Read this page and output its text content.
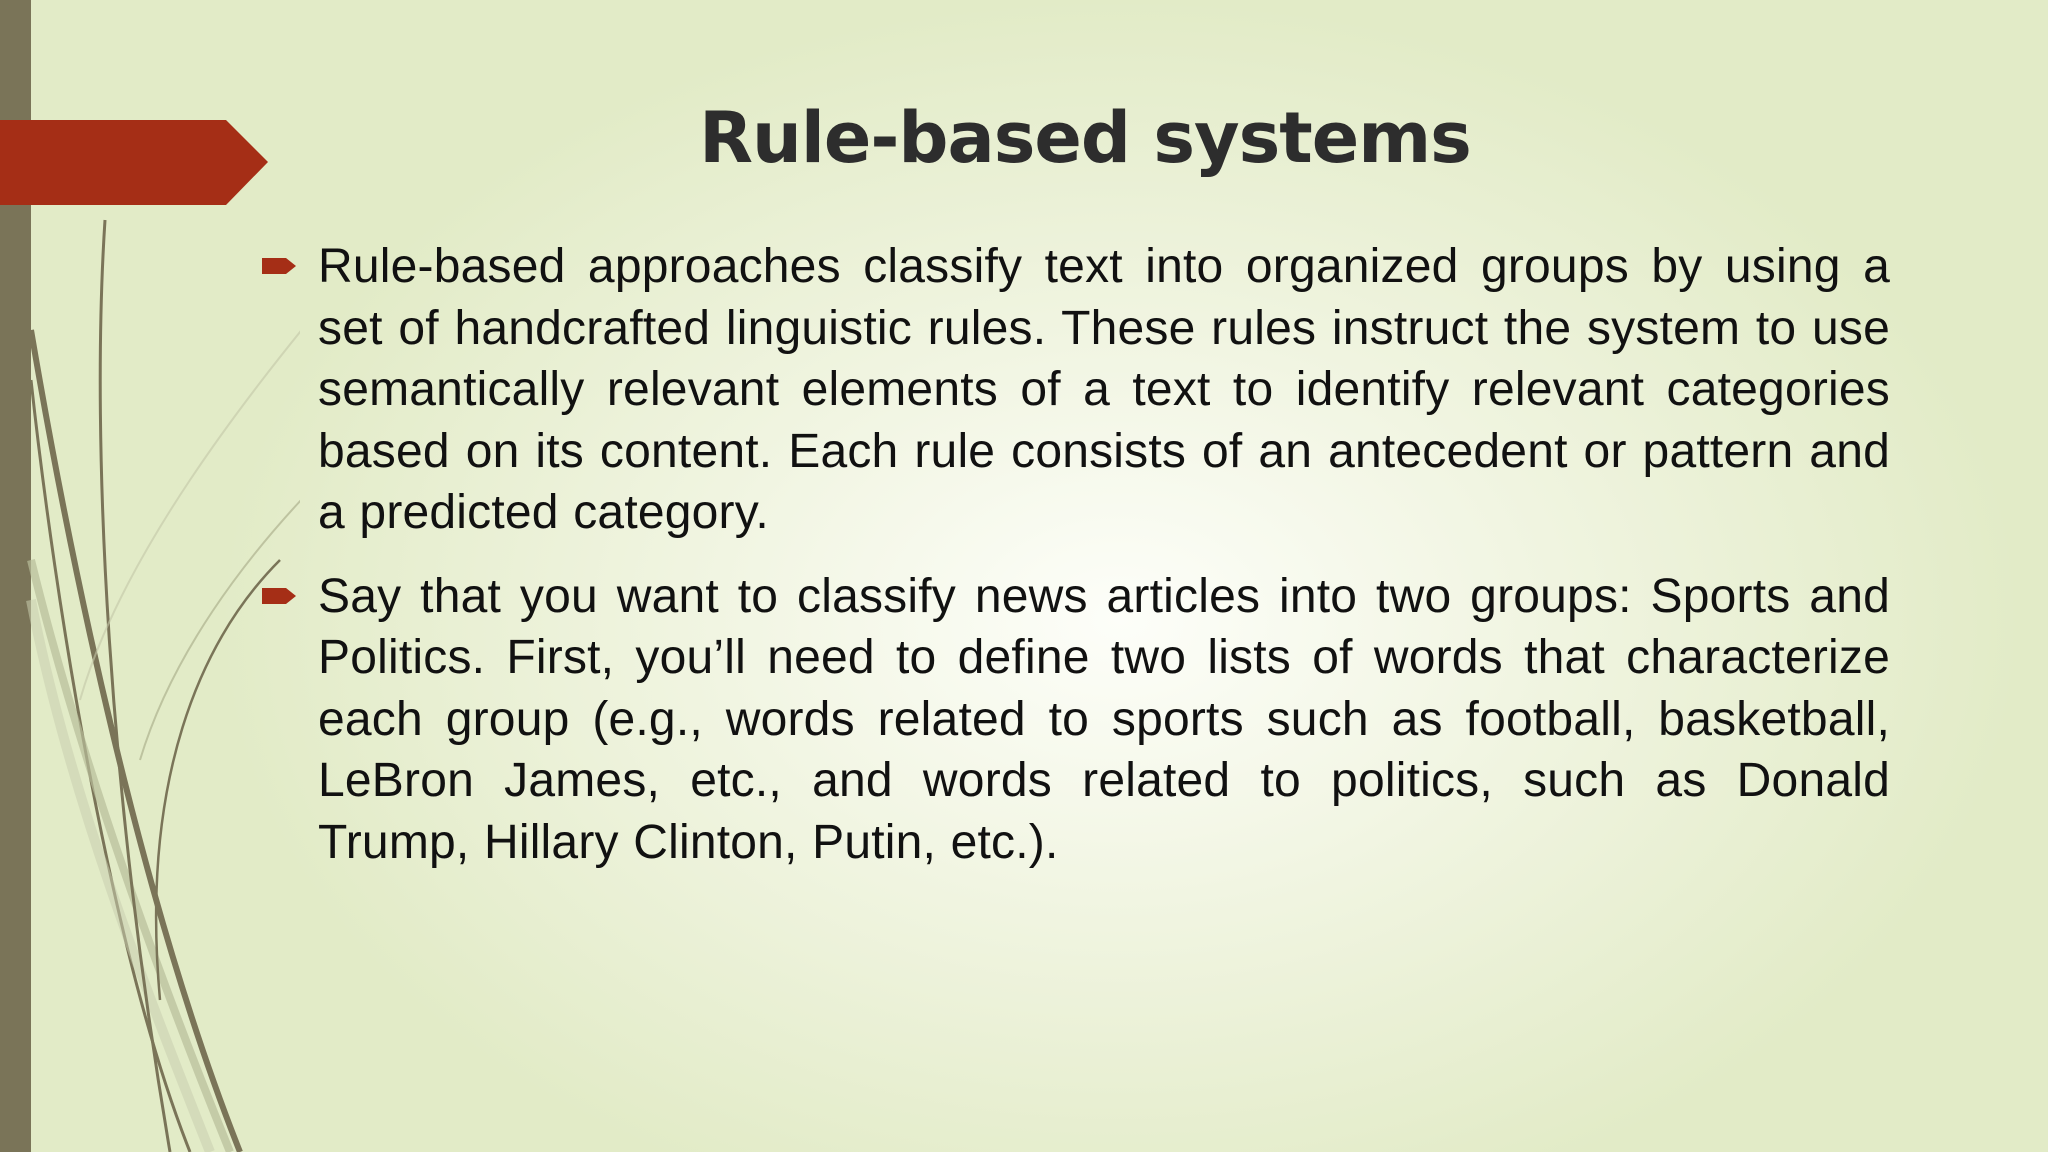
Rule-based systems
Rule-based approaches classify text into organized groups by using a set of handcrafted linguistic rules. These rules instruct the system to use semantically relevant elements of a text to identify relevant categories based on its content. Each rule consists of an antecedent or pattern and a predicted category.
Say that you want to classify news articles into two groups: Sports and Politics. First, you’ll need to define two lists of words that characterize each group (e.g., words related to sports such as football, basketball, LeBron James, etc., and words related to politics, such as Donald Trump, Hillary Clinton, Putin, etc.).
